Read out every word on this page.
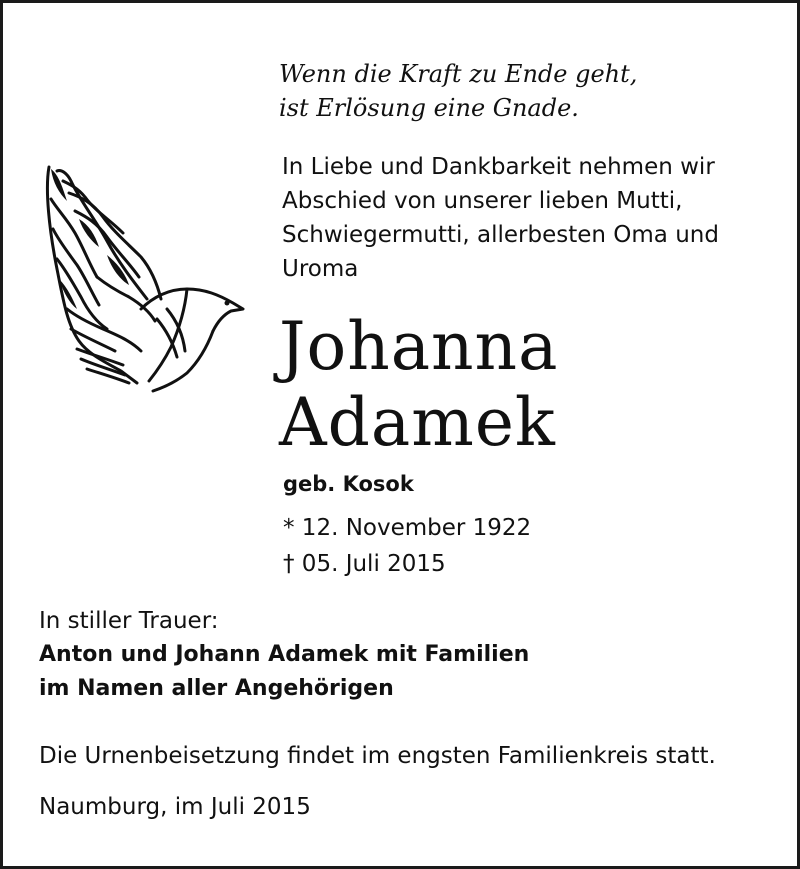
Wenn die Kraft zu Ende geht,
ist Erlösung eine Gnade.
In Liebe und Dankbarkeit nehmen wir
Abschied von unserer lieben Mutti,
Schwiegermutti, allerbesten Oma und
Uroma
Johanna
Adamek
geb. Kosok
* 12. November 1922
† 05. Juli 2015
In stiller Trauer:
Anton und Johann Adamek mit Familien
im Namen aller Angehörigen
Die Urnenbeisetzung findet im engsten Familienkreis statt.
Naumburg, im Juli 2015
